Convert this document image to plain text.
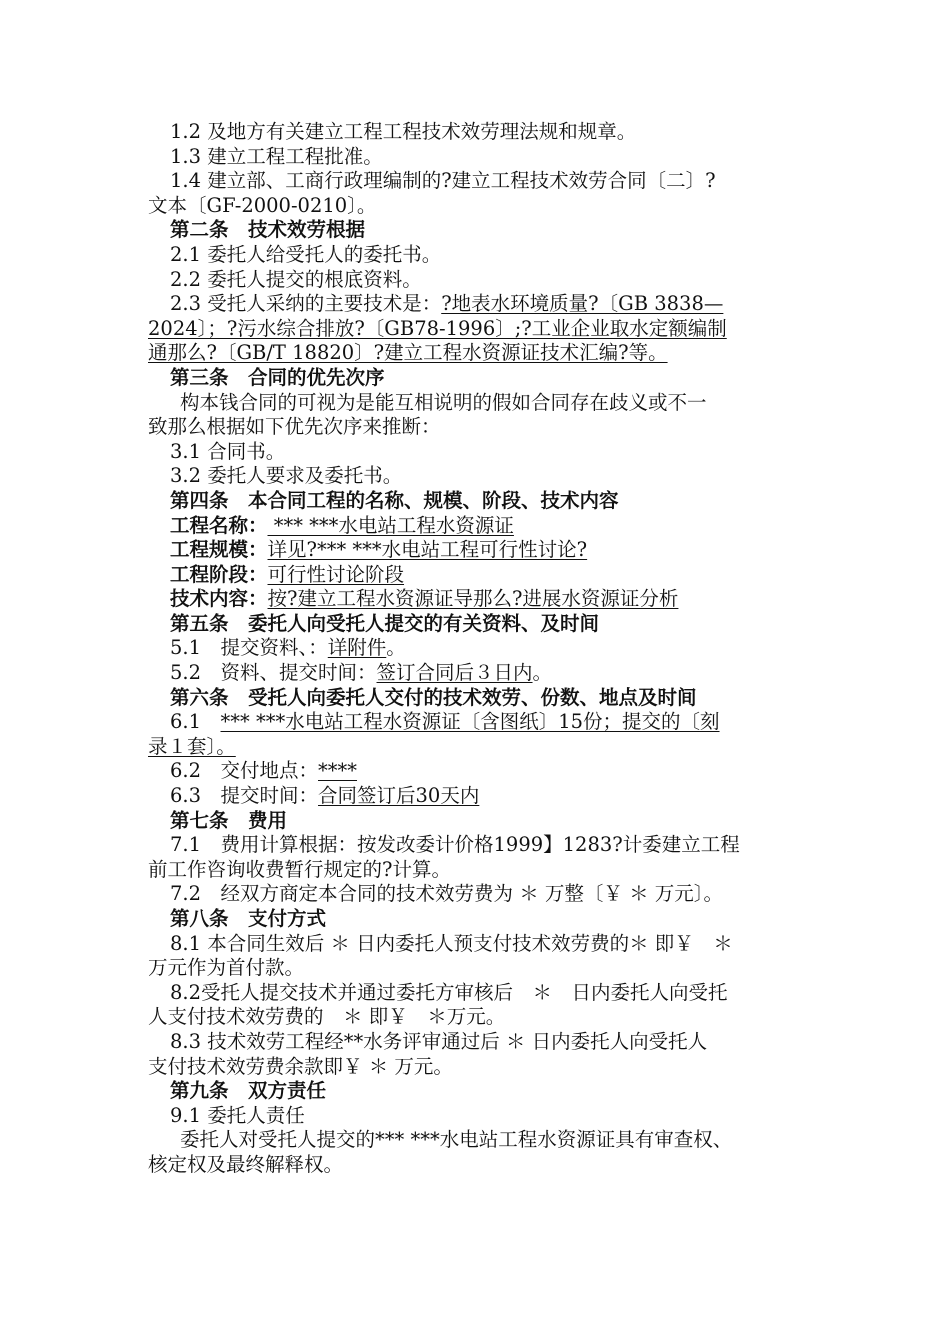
1.2 及地方有关建立工程工程技术效劳理法规和规章。
1.3 建立工程工程批准。
1.4 建立部、工商行政理编制的?建立工程技术效劳合同〔二〕?
文本〔GF-2000-0210〕。
第二条　技术效劳根据
2.1 委托人给受托人的委托书。
2.2 委托人提交的根底资料。
2.3 受托人采纳的主要技术是：?地表水环境质量?〔GB 3838—
2024〕；?污水综合排放?〔GB78-1996〕;?工业企业取水定额编制
通那么?〔GB/T 18820〕?建立工程水资源证技术汇编?等。
第三条　合同的优先次序
构本钱合同的可视为是能互相说明的假如合同存在歧义或不一
致那么根据如下优先次序来推断：
3.1 合同书。
3.2 委托人要求及委托书。
第四条　本合同工程的名称、规模、阶段、技术内容
工程名称： *** ***水电站工程水资源证
工程规模：详见?*** ***水电站工程可行性讨论?
工程阶段：可行性讨论阶段
技术内容：按?建立工程水资源证导那么?进展水资源证分析
第五条　委托人向受托人提交的有关资料、及时间
5.1　提交资料、：详附件。
5.2　资料、提交时间：签订合同后３日内。
第六条　受托人向委托人交付的技术效劳、份数、地点及时间
6.1　*** ***水电站工程水资源证〔含图纸〕15份；提交的〔刻
录１套〕。
6.2　交付地点：****
6.3　提交时间：合同签订后30天内
第七条　费用
7.1　费用计算根据：按发改委计价格1999】1283?计委建立工程
前工作咨询收费暂行规定的?计算。
7.2　经双方商定本合同的技术效劳费为 ＊ 万整〔￥ ＊ 万元〕。
第八条　支付方式
8.1 本合同生效后 ＊ 日内委托人预支付技术效劳费的＊ 即￥　＊
万元作为首付款。
8.2受托人提交技术并通过委托方审核后　＊　日内委托人向受托
人支付技术效劳费的　＊ 即￥　＊万元。
8.3 技术效劳工程经**水务评审通过后 ＊ 日内委托人向受托人
支付技术效劳费余款即￥ ＊ 万元。
第九条　双方责任
9.1 委托人责任
委托人对受托人提交的*** ***水电站工程水资源证具有审查权、
核定权及最终解释权。
